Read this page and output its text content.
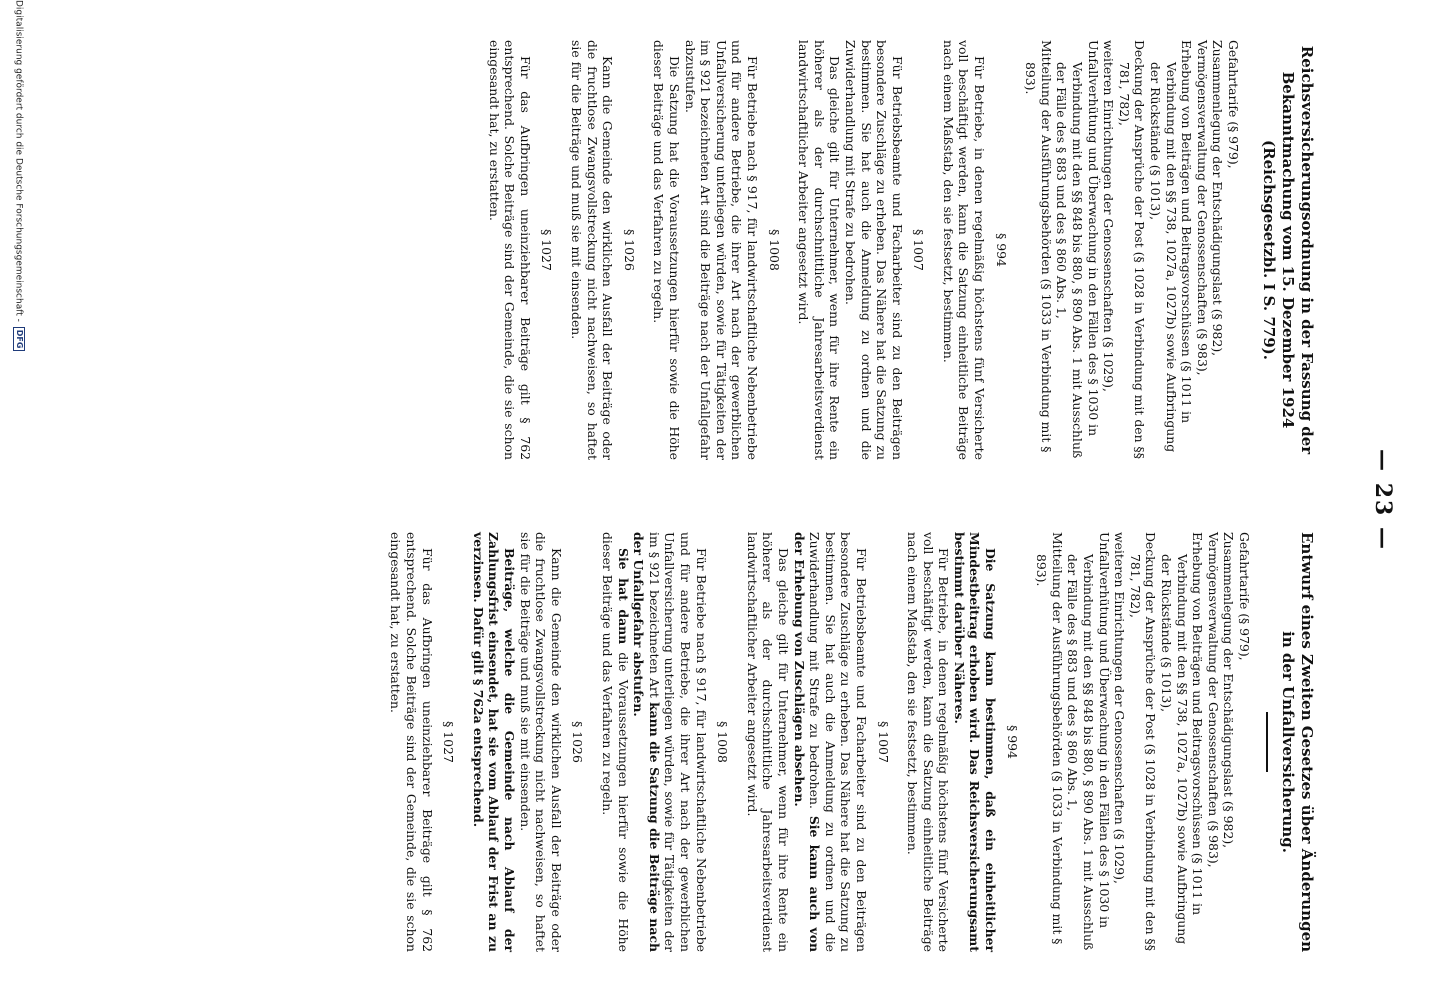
— 23 —
Reichsversicherungsordnung in der Fassung der Bekanntmachung vom 15. Dezember 1924 (Reichsgesetzbl. I S. 779).

Gefahrtarife (§ 979),

Zusammenlegung der Entschädigungslast (§ 982),

Vermögensverwaltung der Genossenschaften (§ 983),

Erhebung von Beiträgen und Beitragsvorschüssen (§ 1011 in Verbindung mit den §§ 738, 1027a, 1027b) sowie Aufbringung der Rückstände (§ 1013),

Deckung der Ansprüche der Post (§ 1028 in Verbindung mit den §§ 781, 782),

weiteren Einrichtungen der Genossenschaften (§ 1029),

Unfallverhütung und Überwachung in den Fällen des § 1030 in Verbindung mit den §§ 848 bis 880, § 890 Abs. 1 mit Ausschluß der Fälle des § 883 und des § 860 Abs. 1,

Mitteilung der Ausführungsbehörden (§ 1033 in Verbindung mit § 893).

§ 994

Für Betriebe, in denen regelmäßig höchstens fünf Versicherte voll beschäftigt werden, kann die Satzung einheitliche Beiträge nach einem Maßstab, den sie festsetzt, bestimmen.

§ 1007

Für Betriebsbeamte und Facharbeiter sind zu den Beiträgen besondere Zuschläge zu erheben. Das Nähere hat die Satzung zu bestimmen. Sie hat auch die Anmeldung zu ordnen und die Zuwiderhandlung mit Strafe zu bedrohen.

Das gleiche gilt für Unternehmer, wenn für ihre Rente ein höherer als der durchschnittliche Jahresarbeitsverdienst landwirtschaftlicher Arbeiter angesetzt wird.

§ 1008

Für Betriebe nach § 917, für landwirtschaftliche Nebenbetriebe und für andere Betriebe, die ihrer Art nach der gewerblichen Unfallversicherung unterliegen würden, sowie für Tätigkeiten der im § 921 bezeichneten Art sind die Beiträge nach der Unfallgefahr abzustufen.

Die Satzung hat die Voraussetzungen hierfür sowie die Höhe dieser Beiträge und das Verfahren zu regeln.

§ 1026

Kann die Gemeinde den wirklichen Ausfall der Beiträge oder die fruchtlose Zwangsvollstreckung nicht nachweisen, so haftet sie für die Beiträge und muß sie mit einsenden.

§ 1027

Für das Aufbringen uneinziehbarer Beiträge gilt § 762 entsprechend. Solche Beiträge sind der Gemeinde, die sie schon eingesandt hat, zu erstatten.

Entwurf eines Zweiten Gesetzes über Änderungen in der Unfallversicherung.

Gefahrtarife (§ 979),

Zusammenlegung der Entschädigungslast (§ 982),

Vermögensverwaltung der Genossenschaften (§ 983),

Erhebung von Beiträgen und Beitragsvorschüssen (§ 1011 in Verbindung mit den §§ 738, 1027a, 1027b) sowie Aufbringung der Rückstände (§ 1013),

Deckung der Ansprüche der Post (§ 1028 in Verbindung mit den §§ 781, 782),

weiteren Einrichtungen der Genossenschaften (§ 1029),

Unfallverhütung und Überwachung in den Fällen des § 1030 in Verbindung mit den §§ 848 bis 880, § 890 Abs. 1 mit Ausschluß der Fälle des § 883 und des § 860 Abs. 1,

Mitteilung der Ausführungsbehörden (§ 1033 in Verbindung mit § 893).

§ 994

Die Satzung kann bestimmen, daß ein einheitlicher Mindestbeitrag erhoben wird. Das Reichsversicherungsamt bestimmt darüber Näheres.

Für Betriebe, in denen regelmäßig höchstens fünf Versicherte voll beschäftigt werden, kann die Satzung einheitliche Beiträge nach einem Maßstab, den sie festsetzt, bestimmen.

§ 1007

Für Betriebsbeamte und Facharbeiter sind zu den Beiträgen besondere Zuschläge zu erheben. Das Nähere hat die Satzung zu bestimmen. Sie hat auch die Anmeldung zu ordnen und die Zuwiderhandlung mit Strafe zu bedrohen. Sie kann auch von der Erhebung von Zuschlägen absehen.

Das gleiche gilt für Unternehmer, wenn für ihre Rente ein höherer als der durchschnittliche Jahresarbeitsverdienst landwirtschaftlicher Arbeiter angesetzt wird.

§ 1008

Für Betriebe nach § 917, für landwirtschaftliche Nebenbetriebe und für andere Betriebe, die ihrer Art nach der gewerblichen Unfallversicherung unterliegen würden, sowie für Tätigkeiten der im § 921 bezeichneten Art kann die Satzung die Beiträge nach der Unfallgefahr abstufen.

Sie hat dann die Voraussetzungen hierfür sowie die Höhe dieser Beiträge und das Verfahren zu regeln.

§ 1026

Kann die Gemeinde den wirklichen Ausfall der Beiträge oder die fruchtlose Zwangsvollstreckung nicht nachweisen, so haftet sie für die Beiträge und muß sie mit einsenden.

Beiträge, welche die Gemeinde nach Ablauf der Zahlungsfrist einsendet, hat sie vom Ablauf der Frist an zu verzinsen. Dafür gilt § 762a entsprechend.

§ 1027

Für das Aufbringen uneinziehbarer Beiträge gilt § 762 entsprechend. Solche Beiträge sind der Gemeinde, die sie schon eingesandt hat, zu erstatten.

Digitalisierung gefördert durch die Deutsche Forschungsgemeinschaft - DFG
